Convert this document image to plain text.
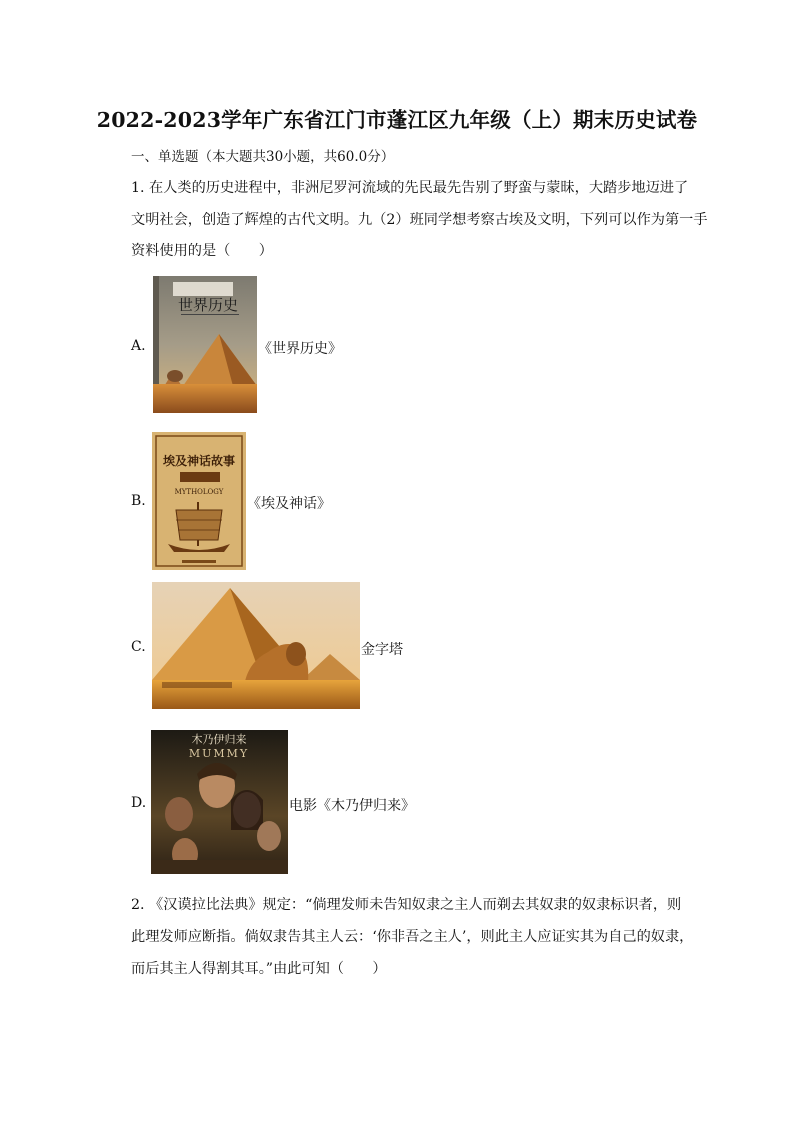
2022-2023学年广东省江门市蓬江区九年级（上）期末历史试卷
一、单选题（本大题共30小题，共60.0分）
1. 在人类的历史进程中，非洲尼罗河流域的先民最先告别了野蛮与蒙昧，大踏步地迈进了
文明社会，创造了辉煌的古代文明。九（2）班同学想考察古埃及文明，下列可以作为第一手
资料使用的是（　　）
A.
世界历史
《世界历史》
B.
埃及神话故事
MYTHOLOGY
《埃及神话》
C.	金字塔
D.
木乃伊归来
MUMMY
电影《木乃伊归来》
2. 《汉谟拉比法典》规定：“倘理发师未告知奴隶之主人而剃去其奴隶的奴隶标识者，则
此理发师应断指。倘奴隶告其主人云：‘你非吾之主人’，则此主人应证实其为自己的奴隶，
而后其主人得割其耳。”由此可知（　　）
